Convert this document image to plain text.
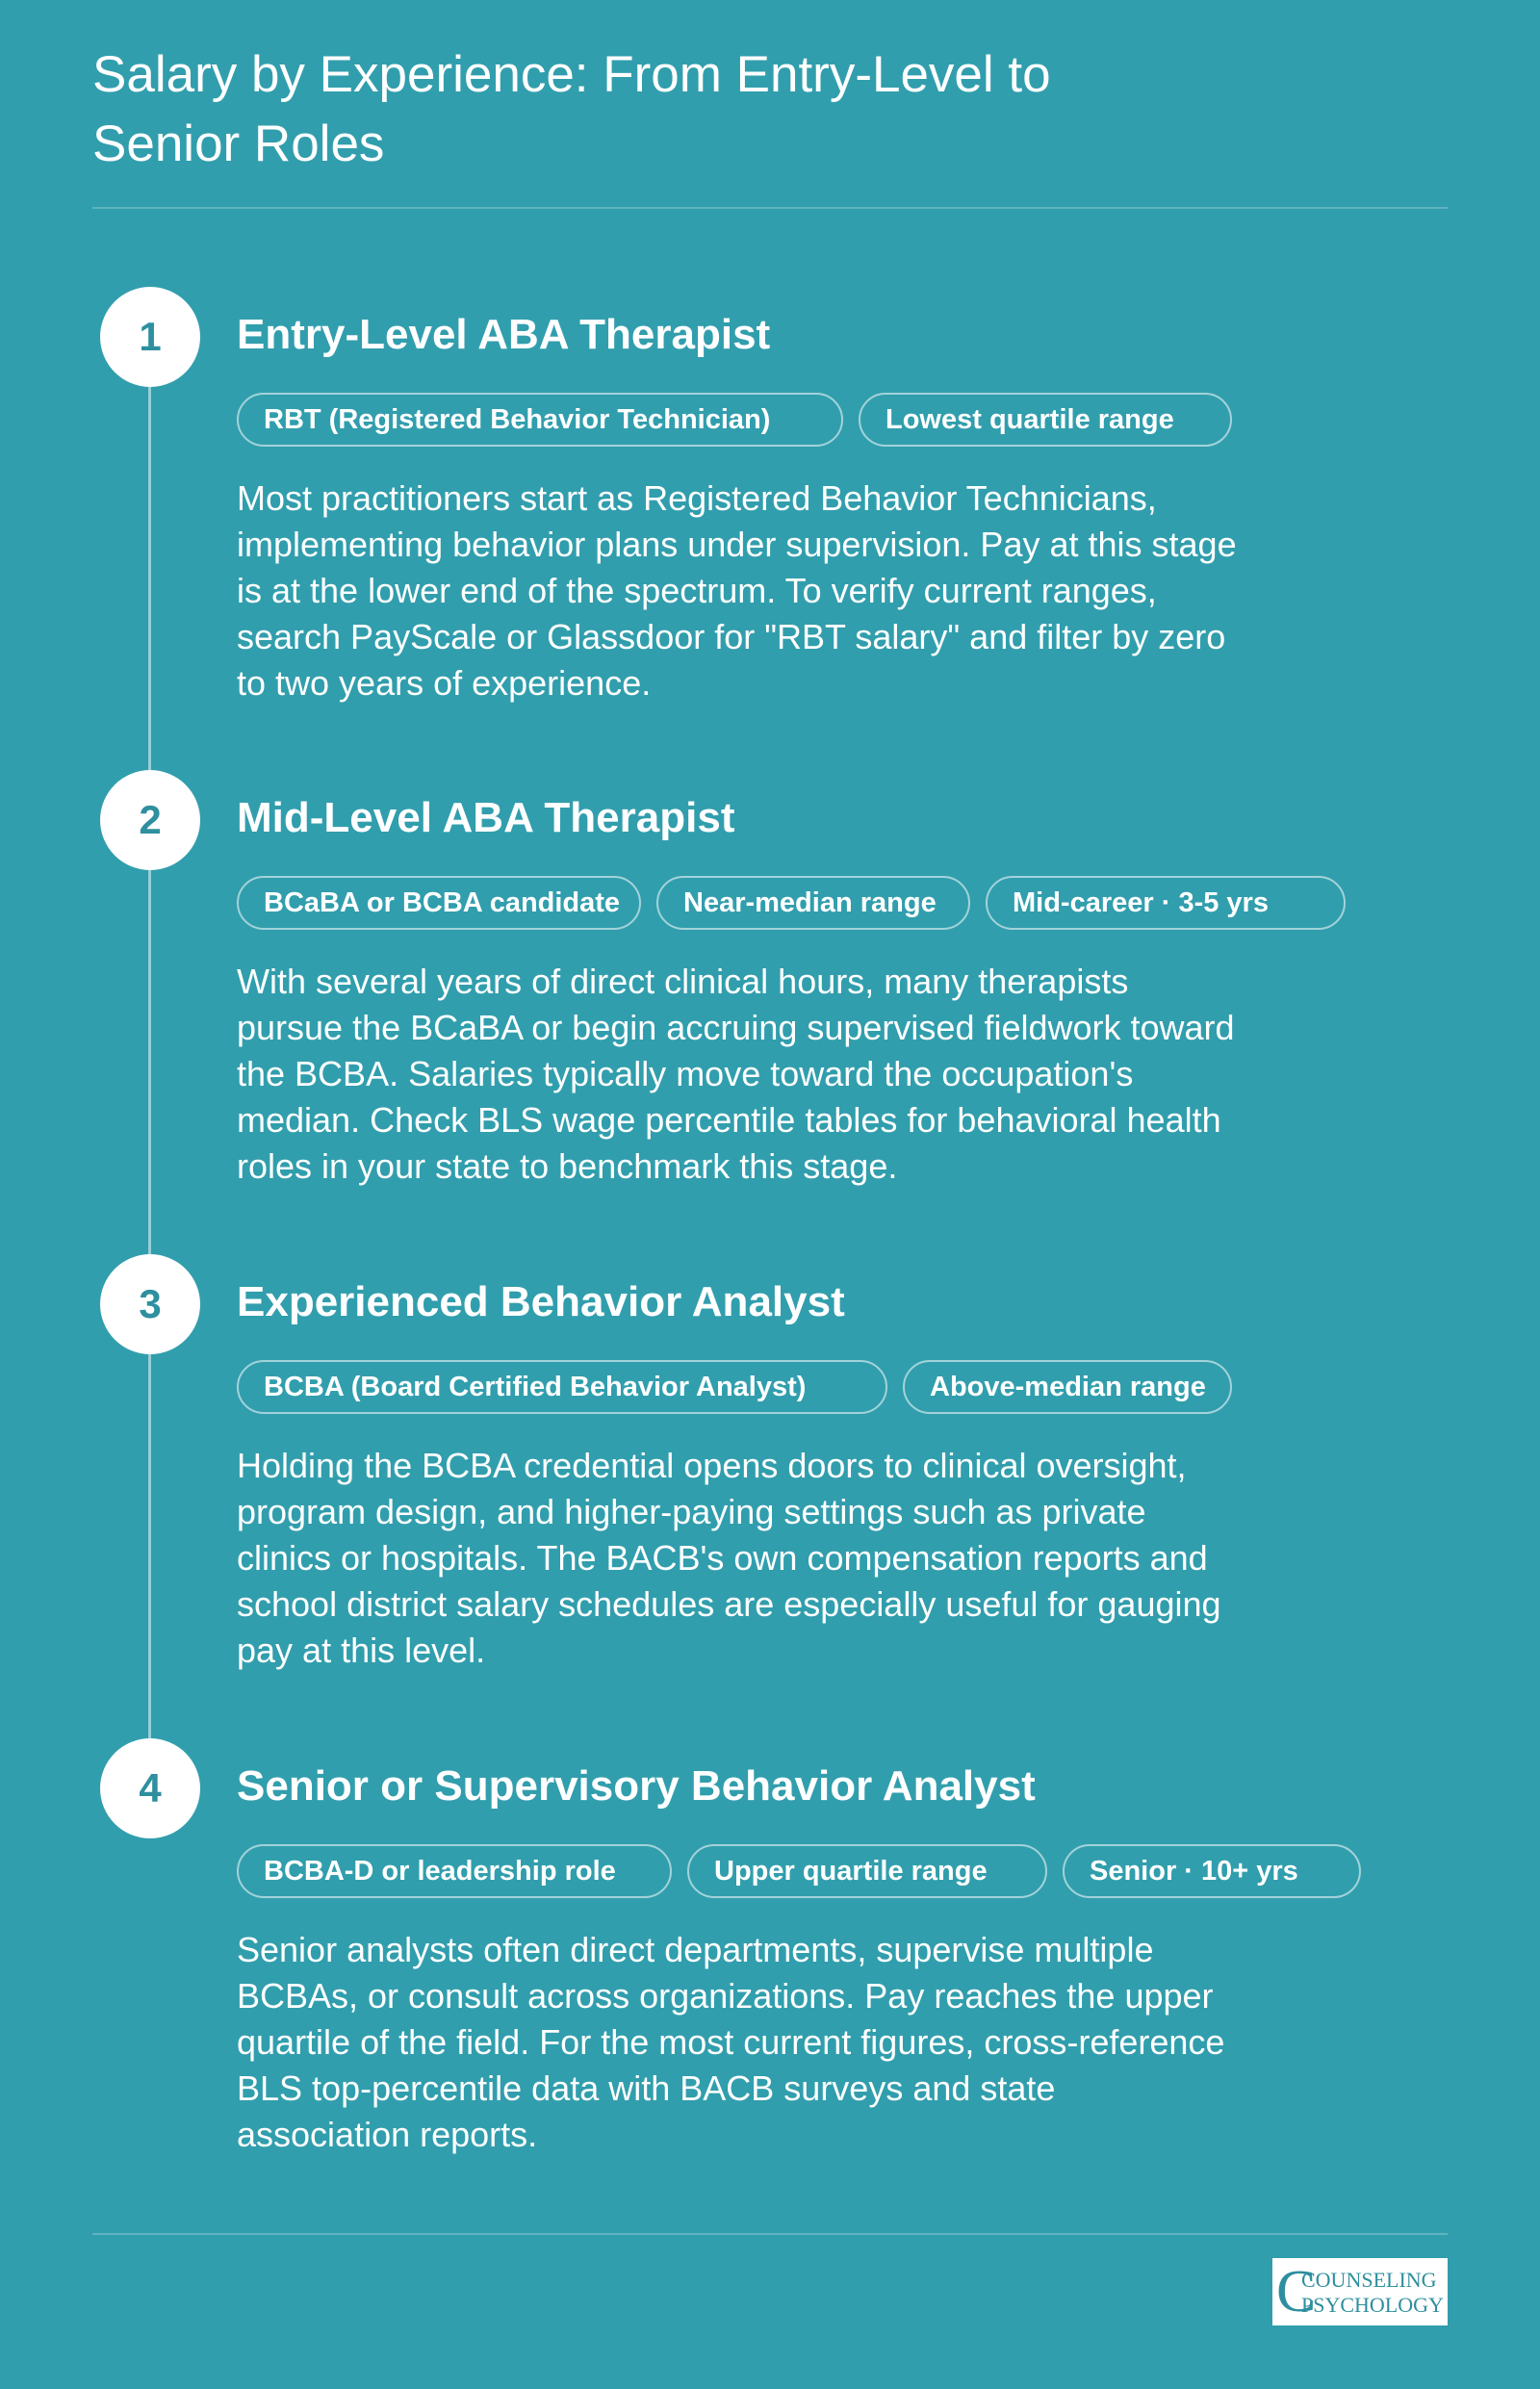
Salary by Experience: From Entry-Level to Senior Roles
1	Entry-Level ABA Therapist
RBT (Registered Behavior Technician)	Lowest quartile range

Most practitioners start as Registered Behavior Technicians, implementing behavior plans under supervision. Pay at this stage is at the lower end of the spectrum. To verify current ranges, search PayScale or Glassdoor for "RBT salary" and filter by zero to two years of experience.

2	Mid-Level ABA Therapist
BCaBA or BCBA candidate	Near-median range	Mid-career · 3-5 yrs

With several years of direct clinical hours, many therapists pursue the BCaBA or begin accruing supervised fieldwork toward the BCBA. Salaries typically move toward the occupation's median. Check BLS wage percentile tables for behavioral health roles in your state to benchmark this stage.

3	Experienced Behavior Analyst
BCBA (Board Certified Behavior Analyst)	Above-median range

Holding the BCBA credential opens doors to clinical oversight, program design, and higher-paying settings such as private clinics or hospitals. The BACB's own compensation reports and school district salary schedules are especially useful for gauging pay at this level.

4	Senior or Supervisory Behavior Analyst
BCBA-D or leadership role	Upper quartile range	Senior · 10+ yrs

Senior analysts often direct departments, supervise multiple BCBAs, or consult across organizations. Pay reaches the upper quartile of the field. For the most current figures, cross-reference BLS top-percentile data with BACB surveys and state association reports.

C
COUNSELING
PSYCHOLOGY
